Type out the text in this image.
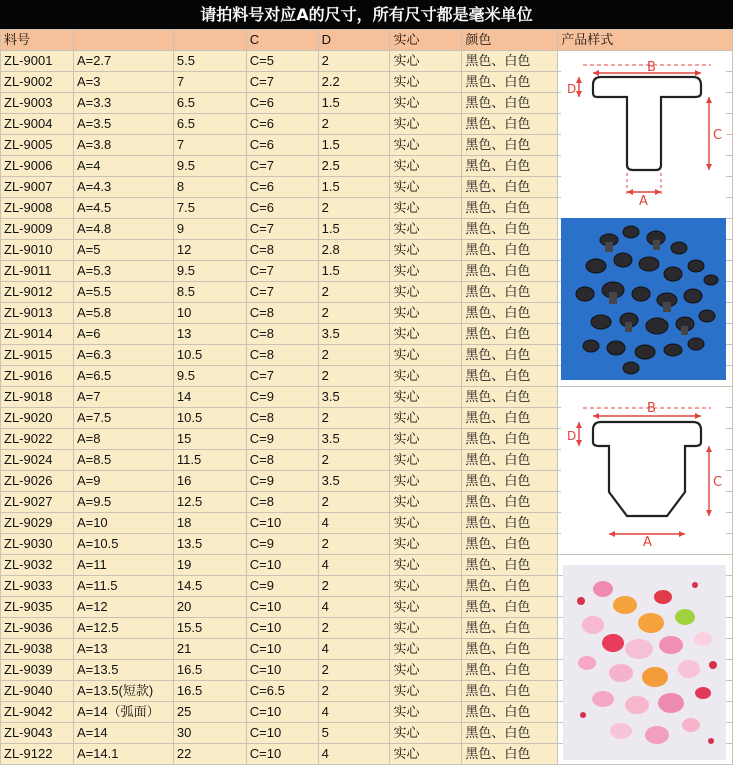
请拍料号对应A的尺寸，所有尺寸都是毫米单位
料号			C	D	实心	颜色	产品样式
ZL-9001	A=2.7	5.5	C=5	2	实心	黑色、白色	
ZL-9002	A=3	7	C=7	2.2	实心	黑色、白色	
ZL-9003	A=3.3	6.5	C=6	1.5	实心	黑色、白色	
ZL-9004	A=3.5	6.5	C=6	2	实心	黑色、白色	
ZL-9005	A=3.8	7	C=6	1.5	实心	黑色、白色	
ZL-9006	A=4	9.5	C=7	2.5	实心	黑色、白色	
ZL-9007	A=4.3	8	C=6	1.5	实心	黑色、白色	
ZL-9008	A=4.5	7.5	C=6	2	实心	黑色、白色	
ZL-9009	A=4.8	9	C=7	1.5	实心	黑色、白色	
ZL-9010	A=5	12	C=8	2.8	实心	黑色、白色	
ZL-9011	A=5.3	9.5	C=7	1.5	实心	黑色、白色	
ZL-9012	A=5.5	8.5	C=7	2	实心	黑色、白色	
ZL-9013	A=5.8	10	C=8	2	实心	黑色、白色	
ZL-9014	A=6	13	C=8	3.5	实心	黑色、白色	
ZL-9015	A=6.3	10.5	C=8	2	实心	黑色、白色	
ZL-9016	A=6.5	9.5	C=7	2	实心	黑色、白色	
ZL-9018	A=7	14	C=9	3.5	实心	黑色、白色	
ZL-9020	A=7.5	10.5	C=8	2	实心	黑色、白色	
ZL-9022	A=8	15	C=9	3.5	实心	黑色、白色	
ZL-9024	A=8.5	11.5	C=8	2	实心	黑色、白色	
ZL-9026	A=9	16	C=9	3.5	实心	黑色、白色	
ZL-9027	A=9.5	12.5	C=8	2	实心	黑色、白色	
ZL-9029	A=10	18	C=10	4	实心	黑色、白色	
ZL-9030	A=10.5	13.5	C=9	2	实心	黑色、白色	
ZL-9032	A=11	19	C=10	4	实心	黑色、白色	
ZL-9033	A=11.5	14.5	C=9	2	实心	黑色、白色	
ZL-9035	A=12	20	C=10	4	实心	黑色、白色	
ZL-9036	A=12.5	15.5	C=10	2	实心	黑色、白色	
ZL-9038	A=13	21	C=10	4	实心	黑色、白色	
ZL-9039	A=13.5	16.5	C=10	2	实心	黑色、白色	
ZL-9040	A=13.5(短款)	16.5	C=6.5	2	实心	黑色、白色	
ZL-9042	A=14（弧面）	25	C=10	4	实心	黑色、白色	
ZL-9043	A=14	30	C=10	5	实心	黑色、白色	
ZL-9122	A=14.1	22	C=10	4	实心	黑色、白色	
B
D
C
A
B
D
C
A
